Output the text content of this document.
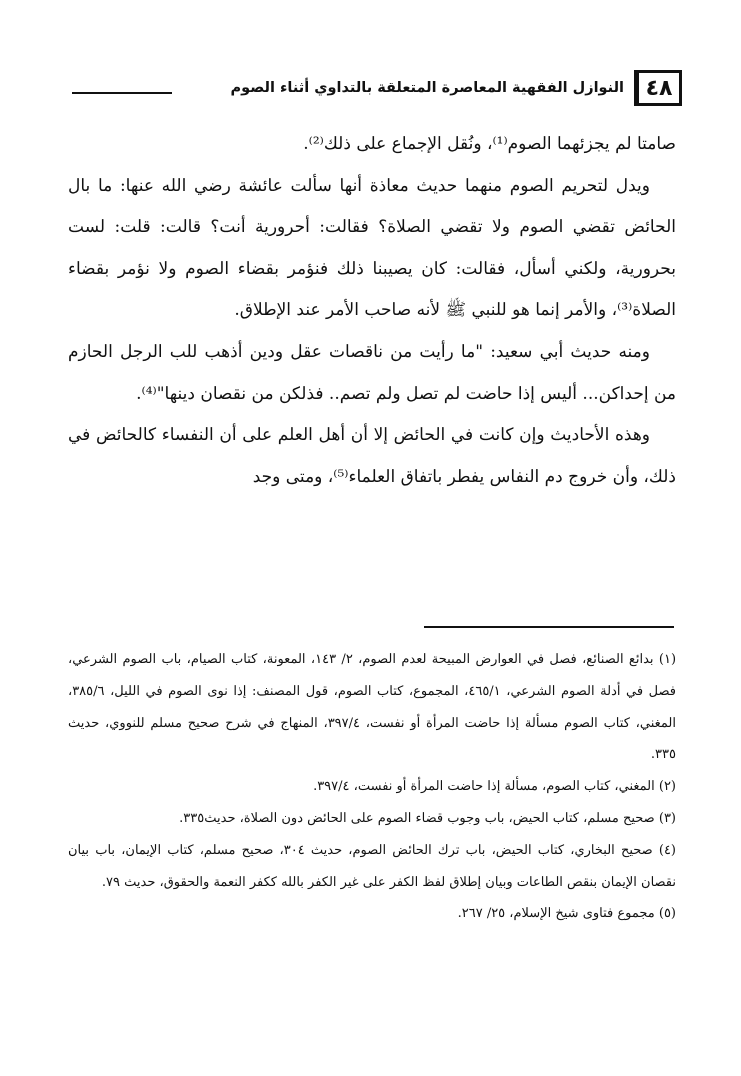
٤٨
النوازل الفقهية المعاصرة المتعلقة بالتداوي أثناء الصوم

صامتا لم يجزئهما الصوم⁽¹⁾، ونُقل الإجماع على ذلك⁽²⁾.

ويدل لتحريم الصوم منهما حديث معاذة أنها سألت عائشة رضي الله عنها: ما بال الحائض تقضي الصوم ولا تقضي الصلاة؟ فقالت: أحرورية أنت؟ قالت: قلت: لست بحرورية، ولكني أسأل، فقالت: كان يصيبنا ذلك فنؤمر بقضاء الصوم ولا نؤمر بقضاء الصلاة⁽³⁾، والأمر إنما هو للنبي ﷺ لأنه صاحب الأمر عند الإطلاق.

ومنه حديث أبي سعيد: "ما رأيت من ناقصات عقل ودين أذهب للب الرجل الحازم من إحداكن... أليس إذا حاضت لم تصل ولم تصم.. فذلكن من نقصان دينها"⁽⁴⁾.

وهذه الأحاديث وإن كانت في الحائض إلا أن أهل العلم على أن النفساء كالحائض في ذلك، وأن خروج دم النفاس يفطر باتفاق العلماء⁽⁵⁾، ومتى وجد

(١) بدائع الصنائع، فصل في العوارض المبيحة لعدم الصوم، ٢/ ١٤٣، المعونة، كتاب الصيام، باب الصوم الشرعي، فصل في أدلة الصوم الشرعي، ٤٦٥/١، المجموع، كتاب الصوم، قول المصنف: إذا نوى الصوم في الليل، ٣٨٥/٦، المغني، كتاب الصوم مسألة إذا حاضت المرأة أو نفست، ٣٩٧/٤، المنهاج في شرح صحيح مسلم للنووي، حديث ٣٣٥.

(٢) المغني، كتاب الصوم، مسألة إذا حاضت المرأة أو نفست، ٣٩٧/٤.

(٣) صحيح مسلم، كتاب الحيض، باب وجوب قضاء الصوم على الحائض دون الصلاة، حديث٣٣٥.

(٤) صحيح البخاري، كتاب الحيض، باب ترك الحائض الصوم، حديث ٣٠٤، صحيح مسلم، كتاب الإيمان، باب بيان نقصان الإيمان بنقص الطاعات وبيان إطلاق لفظ الكفر على غير الكفر بالله ككفر النعمة والحقوق، حديث ٧٩.

(٥) مجموع فتاوى شيخ الإسلام، ٢٥/ ٢٦٧.
